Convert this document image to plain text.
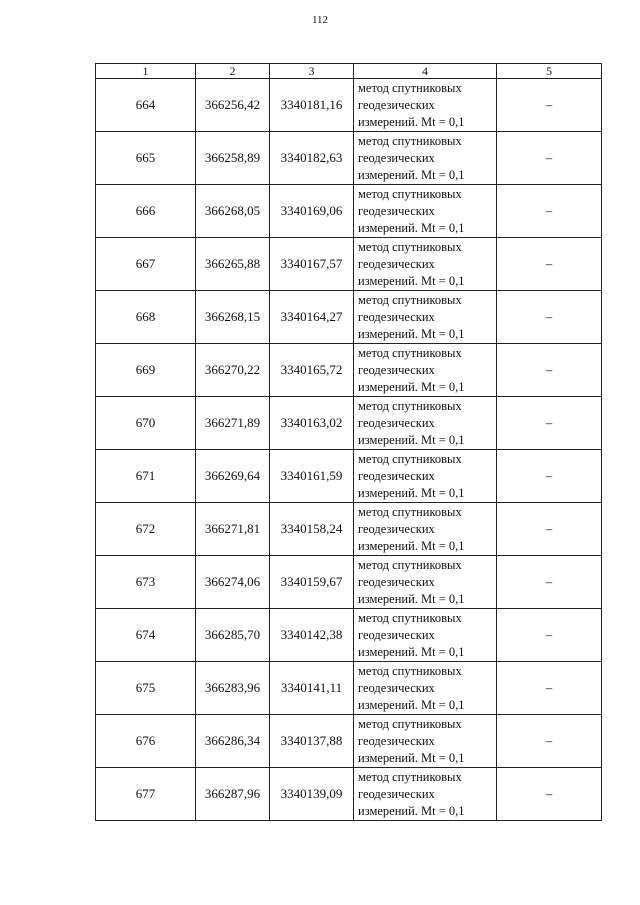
112
1	2	3	4	5
664	366256,42	3340181,16	метод спутниковых геодезических измерений. Mt = 0,1	–
665	366258,89	3340182,63	метод спутниковых геодезических измерений. Mt = 0,1	–
666	366268,05	3340169,06	метод спутниковых геодезических измерений. Mt = 0,1	–
667	366265,88	3340167,57	метод спутниковых геодезических измерений. Mt = 0,1	–
668	366268,15	3340164,27	метод спутниковых геодезических измерений. Mt = 0,1	–
669	366270,22	3340165,72	метод спутниковых геодезических измерений. Mt = 0,1	–
670	366271,89	3340163,02	метод спутниковых геодезических измерений. Mt = 0,1	–
671	366269,64	3340161,59	метод спутниковых геодезических измерений. Mt = 0,1	–
672	366271,81	3340158,24	метод спутниковых геодезических измерений. Mt = 0,1	–
673	366274,06	3340159,67	метод спутниковых геодезических измерений. Mt = 0,1	–
674	366285,70	3340142,38	метод спутниковых геодезических измерений. Mt = 0,1	–
675	366283,96	3340141,11	метод спутниковых геодезических измерений. Mt = 0,1	–
676	366286,34	3340137,88	метод спутниковых геодезических измерений. Mt = 0,1	–
677	366287,96	3340139,09	метод спутниковых геодезических измерений. Mt = 0,1	–
